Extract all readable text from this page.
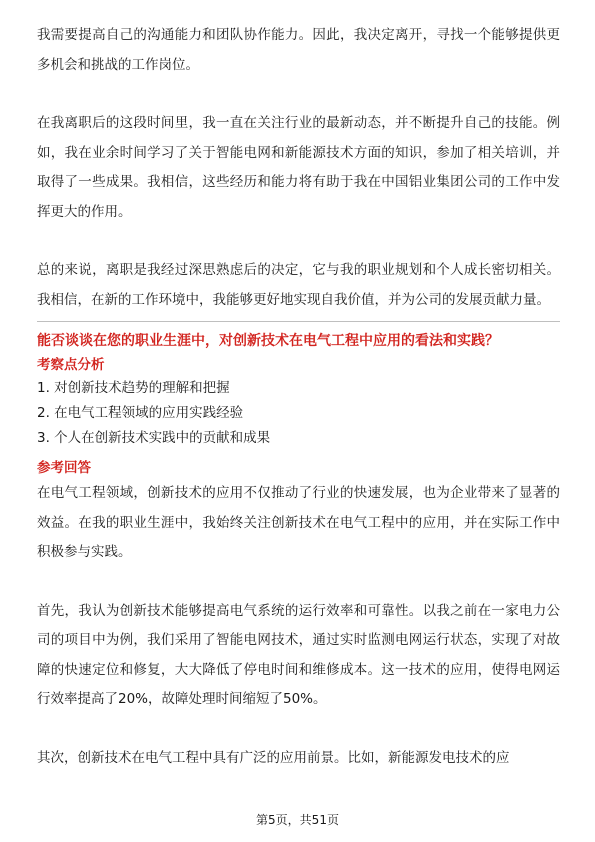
我需要提高自己的沟通能力和团队协作能力。因此，我决定离开，寻找一个能够提供更多机会和挑战的工作岗位。

在我离职后的这段时间里，我一直在关注行业的最新动态，并不断提升自己的技能。例如，我在业余时间学习了关于智能电网和新能源技术方面的知识，参加了相关培训，并取得了一些成果。我相信，这些经历和能力将有助于我在中国铝业集团公司的工作中发挥更大的作用。

总的来说，离职是我经过深思熟虑后的决定，它与我的职业规划和个人成长密切相关。我相信，在新的工作环境中，我能够更好地实现自我价值，并为公司的发展贡献力量。

能否谈谈在您的职业生涯中，对创新技术在电气工程中应用的看法和实践？

考察点分析

1. 对创新技术趋势的理解和把握
2. 在电气工程领域的应用实践经验
3. 个人在创新技术实践中的贡献和成果

参考回答

在电气工程领域，创新技术的应用不仅推动了行业的快速发展，也为企业带来了显著的效益。在我的职业生涯中，我始终关注创新技术在电气工程中的应用，并在实际工作中积极参与实践。

首先，我认为创新技术能够提高电气系统的运行效率和可靠性。以我之前在一家电力公司的项目中为例，我们采用了智能电网技术，通过实时监测电网运行状态，实现了对故障的快速定位和修复，大大降低了停电时间和维修成本。这一技术的应用，使得电网运行效率提高了20%，故障处理时间缩短了50%。

其次，创新技术在电气工程中具有广泛的应用前景。比如，新能源发电技术的应

第5页，共51页
